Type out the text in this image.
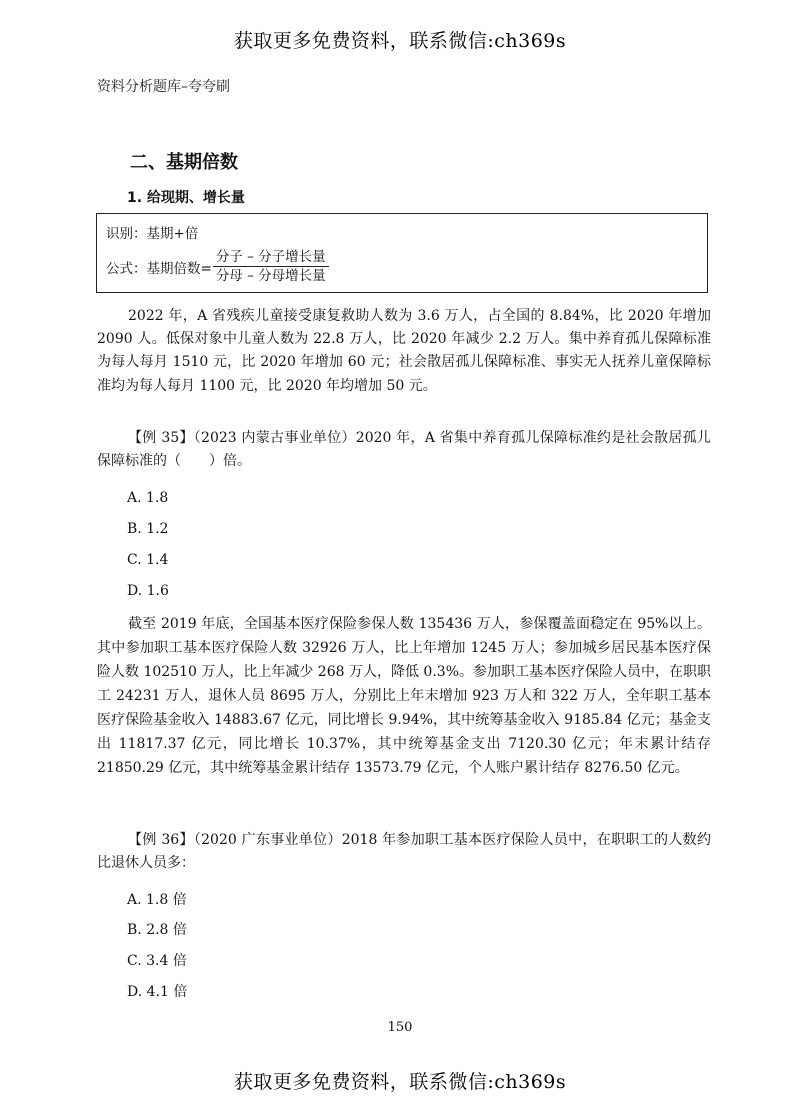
获取更多免费资料，联系微信:ch369s
资料分析题库–夸夸刷
二、基期倍数
1. 给现期、增长量
识别：基期+倍
公式：基期倍数= $\frac{\text{分子 – 分子增长量}}{\text{分母 – 分母增长量}}$

2022 年，A 省残疾儿童接受康复救助人数为 3.6 万人，占全国的 8.84%，比 2020 年增加 2090 人。低保对象中儿童人数为 22.8 万人，比 2020 年减少 2.2 万人。集中养育孤儿保障标准为每人每月 1510 元，比 2020 年增加 60 元；社会散居孤儿保障标准、事实无人抚养儿童保障标准均为每人每月 1100 元，比 2020 年均增加 50 元。

【例 35】（2023 内蒙古事业单位）2020 年，A 省集中养育孤儿保障标准约是社会散居孤儿保障标准的（　　）倍。

A. 1.8
B. 1.2
C. 1.4
D. 1.6

截至 2019 年底，全国基本医疗保险参保人数 135436 万人，参保覆盖面稳定在 95%以上。其中参加职工基本医疗保险人数 32926 万人，比上年增加 1245 万人；参加城乡居民基本医疗保险人数 102510 万人，比上年减少 268 万人，降低 0.3%。参加职工基本医疗保险人员中，在职职工 24231 万人，退休人员 8695 万人，分别比上年末增加 923 万人和 322 万人，全年职工基本医疗保险基金收入 14883.67 亿元，同比增长 9.94%，其中统筹基金收入 9185.84 亿元；基金支出 11817.37 亿元，同比增长 10.37%，其中统筹基金支出 7120.30 亿元；年末累计结存 21850.29 亿元，其中统筹基金累计结存 13573.79 亿元，个人账户累计结存 8276.50 亿元。

【例 36】（2020 广东事业单位）2018 年参加职工基本医疗保险人员中，在职职工的人数约比退休人员多：

A. 1.8 倍
B. 2.8 倍
C. 3.4 倍
D. 4.1 倍
150
获取更多免费资料，联系微信:ch369s
